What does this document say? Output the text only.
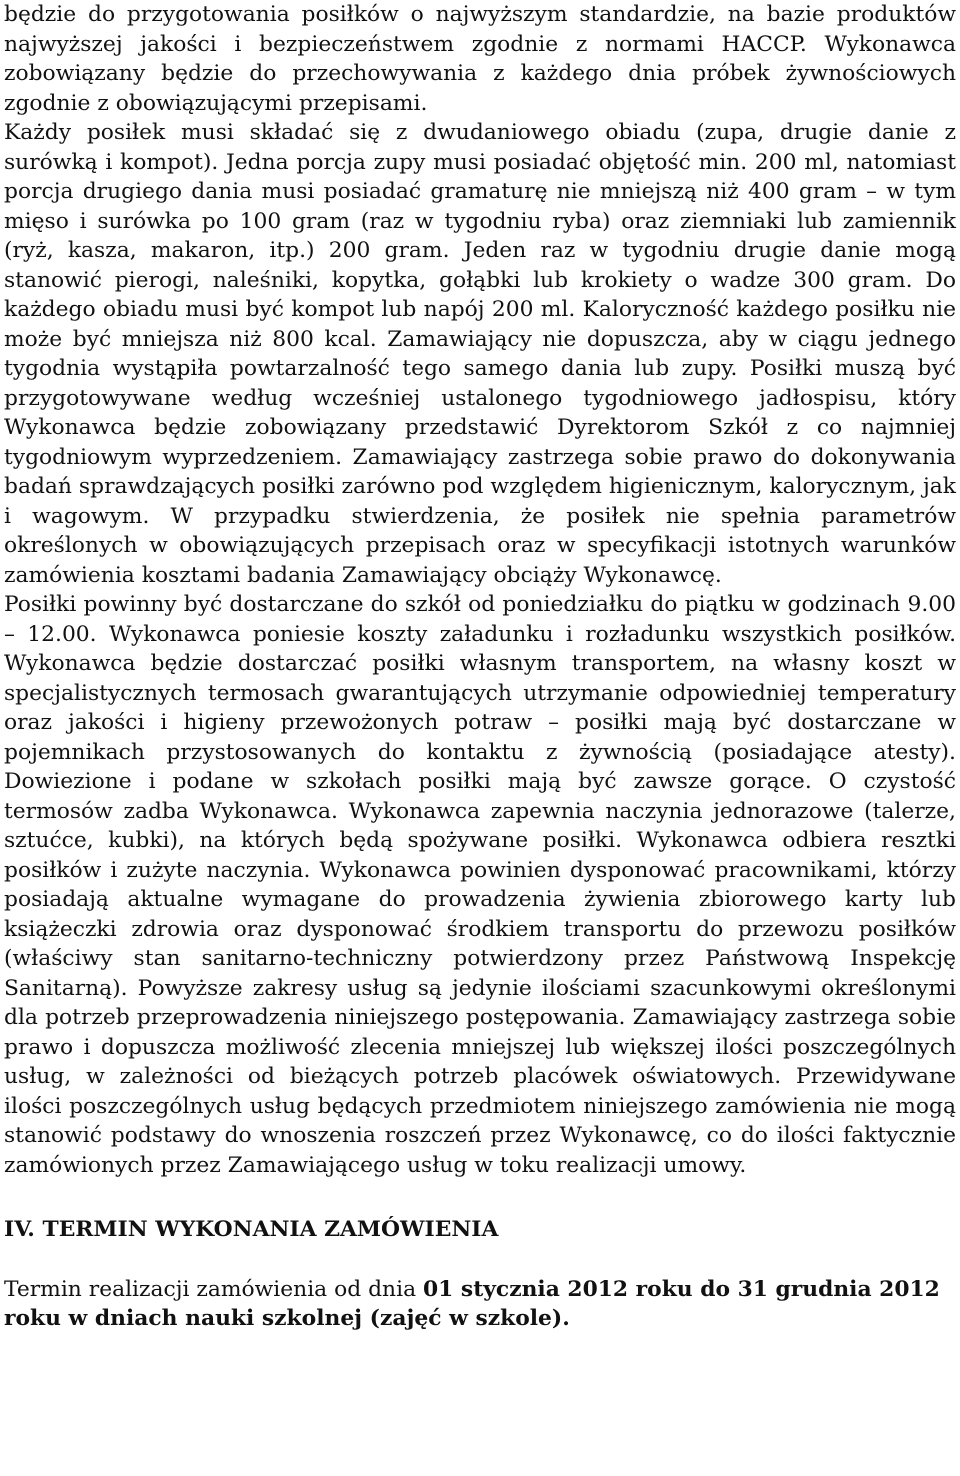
będzie do przygotowania posiłków o najwyższym standardzie, na bazie produktów najwyższej jakości i bezpieczeństwem zgodnie z normami HACCP. Wykonawca zobowiązany będzie do przechowywania z każdego dnia próbek żywnościowych zgodnie z obowiązującymi przepisami.
Każdy posiłek musi składać się z dwudaniowego obiadu (zupa, drugie danie z surówką i kompot). Jedna porcja zupy musi posiadać objętość min. 200 ml, natomiast porcja drugiego dania musi posiadać gramaturę nie mniejszą niż 400 gram – w tym mięso i surówka po 100 gram (raz w tygodniu ryba) oraz ziemniaki lub zamiennik (ryż, kasza, makaron, itp.) 200 gram. Jeden raz w tygodniu drugie danie mogą stanowić pierogi, naleśniki, kopytka, gołąbki lub krokiety o wadze 300 gram. Do każdego obiadu musi być kompot lub napój 200 ml. Kaloryczność każdego posiłku nie może być mniejsza niż 800 kcal. Zamawiający nie dopuszcza, aby w ciągu jednego tygodnia wystąpiła powtarzalność tego samego dania lub zupy. Posiłki muszą być przygotowywane według wcześniej ustalonego tygodniowego jadłospisu, który Wykonawca będzie zobowiązany przedstawić Dyrektorom Szkół z co najmniej tygodniowym wyprzedzeniem. Zamawiający zastrzega sobie prawo do dokonywania badań sprawdzających posiłki zarówno pod względem higienicznym, kalorycznym, jak i wagowym. W przypadku stwierdzenia, że posiłek nie spełnia parametrów określonych w obowiązujących przepisach oraz w specyfikacji istotnych warunków zamówienia kosztami badania Zamawiający obciąży Wykonawcę.

Posiłki powinny być dostarczane do szkół od poniedziałku do piątku w godzinach 9.00 – 12.00. Wykonawca poniesie koszty załadunku i rozładunku wszystkich posiłków. Wykonawca będzie dostarczać posiłki własnym transportem, na własny koszt w specjalistycznych termosach gwarantujących utrzymanie odpowiedniej temperatury oraz jakości i higieny przewożonych potraw – posiłki mają być dostarczane w pojemnikach przystosowanych do kontaktu z żywnością (posiadające atesty). Dowiezione i podane w szkołach posiłki mają być zawsze gorące. O czystość termosów zadba Wykonawca. Wykonawca zapewnia naczynia jednorazowe (talerze, sztućce, kubki), na których będą spożywane posiłki. Wykonawca odbiera resztki posiłków i zużyte naczynia. Wykonawca powinien dysponować pracownikami, którzy posiadają aktualne wymagane do prowadzenia żywienia zbiorowego karty lub książeczki zdrowia oraz dysponować środkiem transportu do przewozu posiłków (właściwy stan sanitarno-techniczny potwierdzony przez Państwową Inspekcję Sanitarną). Powyższe zakresy usług są jedynie ilościami szacunkowymi określonymi dla potrzeb przeprowadzenia niniejszego postępowania. Zamawiający zastrzega sobie prawo i dopuszcza możliwość zlecenia mniejszej lub większej ilości poszczególnych usług, w zależności od bieżących potrzeb placówek oświatowych. Przewidywane ilości poszczególnych usług będących przedmiotem niniejszego zamówienia nie mogą stanowić podstawy do wnoszenia roszczeń przez Wykonawcę, co do ilości faktycznie zamówionych przez Zamawiającego usług w toku realizacji umowy.

IV. TERMIN WYKONANIA ZAMÓWIENIA

Termin realizacji zamówienia od dnia 01 stycznia 2012 roku do 31 grudnia 2012 roku w dniach nauki szkolnej (zajęć w szkole).
